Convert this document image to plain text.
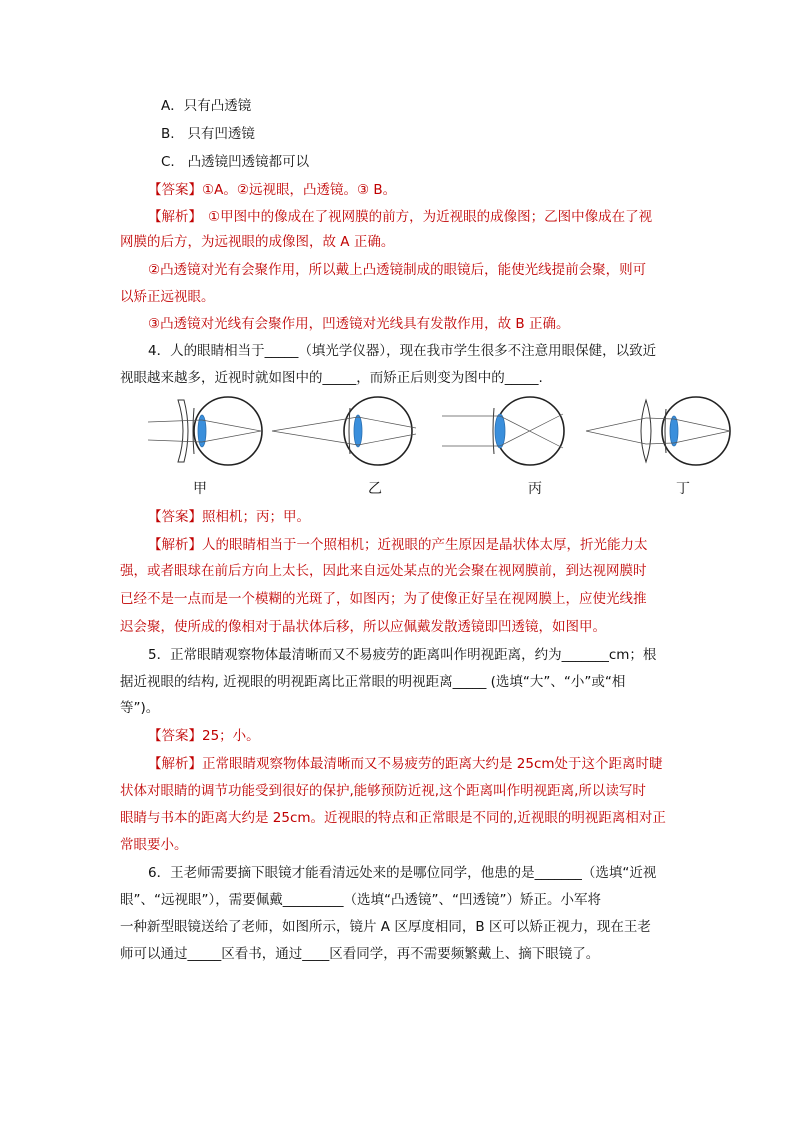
A．只有凸透镜
B. 只有凹透镜
C. 凸透镜凹透镜都可以
【答案】①A。②远视眼，凸透镜。③ B。
【解析】 ①甲图中的像成在了视网膜的前方，为近视眼的成像图；乙图中像成在了视
网膜的后方，为远视眼的成像图，故 A 正确。
②凸透镜对光有会聚作用，所以戴上凸透镜制成的眼镜后，能使光线提前会聚，则可
以矫正远视眼。
③凸透镜对光线有会聚作用，凹透镜对光线具有发散作用，故 B 正确。
4．人的眼睛相当于_____（填光学仪器），现在我市学生很多不注意用眼保健，以致近
视眼越来越多，近视时就如图中的_____，而矫正后则变为图中的_____.
甲	乙	丙	丁
【答案】照相机；丙；甲。
【解析】人的眼睛相当于一个照相机；近视眼的产生原因是晶状体太厚，折光能力太
强，或者眼球在前后方向上太长，因此来自远处某点的光会聚在视网膜前，到达视网膜时
已经不是一点而是一个模糊的光斑了，如图丙；为了使像正好呈在视网膜上，应使光线推
迟会聚，使所成的像相对于晶状体后移，所以应佩戴发散透镜即凹透镜，如图甲。
5．正常眼睛观察物体最清晰而又不易疲劳的距离叫作明视距离，约为_______cm；根
据近视眼的结构, 近视眼的明视距离比正常眼的明视距离_____ (选填“大”、“小”或“相
等”)。
【答案】25；小。
【解析】正常眼睛观察物体最清晰而又不易疲劳的距离大约是 25cm处于这个距离时睫
状体对眼睛的调节功能受到很好的保护,能够预防近视,这个距离叫作明视距离,所以读写时
眼睛与书本的距离大约是 25cm。近视眼的特点和正常眼是不同的,近视眼的明视距离相对正
常眼要小。
6．王老师需要摘下眼镜才能看清远处来的是哪位同学，他患的是_______（选填“近视
眼”、“远视眼”），需要佩戴_________（选填“凸透镜”、“凹透镜”）矫正。小军将
一种新型眼镜送给了老师，如图所示，镜片 A 区厚度相同，B 区可以矫正视力，现在王老
师可以通过_____区看书，通过____区看同学，再不需要频繁戴上、摘下眼镜了。
